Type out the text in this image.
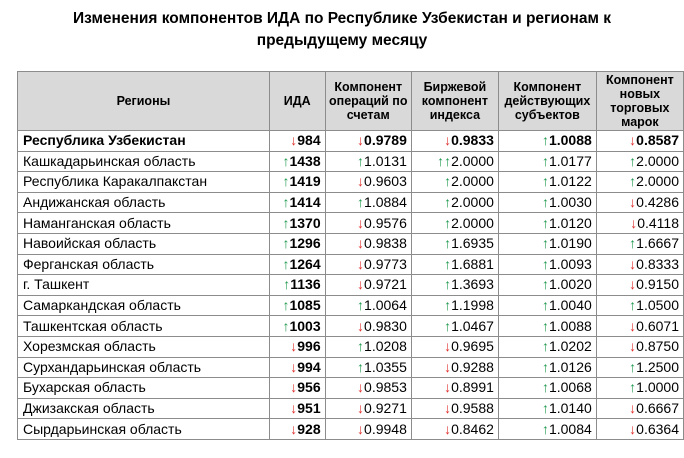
Изменения компонентов ИДА по Республике Узбекистан и регионам к
предыдущему месяцу
Регионы	ИДА	Компонент операций по счетам	Биржевой компонент индекса	Компонент действующих субъектов	Компонент новых торговых марок
Республика Узбекистан	↓984	↓0.9789	↓0.9833	↑1.0088	↓0.8587
Кашкадарьинская область	↑1438	↑1.0131	↑↑2.0000	↑1.0177	↑2.0000
Республика Каракалпакстан	↑1419	↓0.9603	↑2.0000	↑1.0122	↑2.0000
Андижанская область	↑1414	↑1.0884	↑2.0000	↑1.0030	↓0.4286
Наманганская область	↑1370	↓0.9576	↑2.0000	↑1.0120	↓0.4118
Навоийская область	↑1296	↓0.9838	↑1.6935	↑1.0190	↑1.6667
Ферганская область	↑1264	↓0.9773	↑1.6881	↑1.0093	↓0.8333
г. Ташкент	↑1136	↓0.9721	↑1.3693	↑1.0020	↓0.9150
Самаркандская область	↑1085	↑1.0064	↑1.1998	↑1.0040	↑1.0500
Ташкентская область	↑1003	↓0.9830	↑1.0467	↑1.0088	↓0.6071
Хорезмская область	↓996	↑1.0208	↓0.9695	↑1.0202	↓0.8750
Сурхандарьинская область	↓994	↑1.0355	↓0.9288	↑1.0126	↑1.2500
Бухарская область	↓956	↓0.9853	↓0.8991	↑1.0068	↑1.0000
Джизакская область	↓951	↓0.9271	↓0.9588	↑1.0140	↓0.6667
Сырдарьинская область	↓928	↓0.9948	↓0.8462	↑1.0084	↓0.6364
